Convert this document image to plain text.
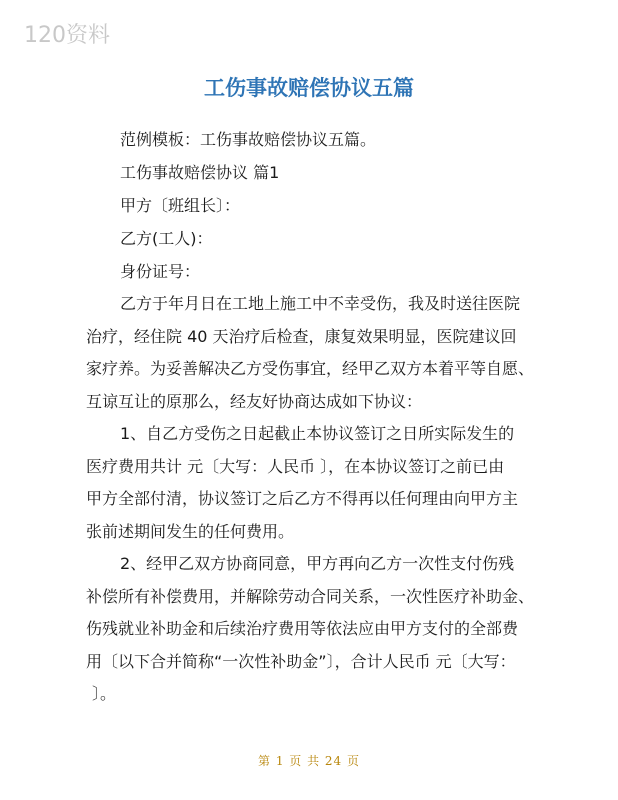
120资料
工伤事故赔偿协议五篇
范例模板：工伤事故赔偿协议五篇。
工伤事故赔偿协议 篇1
甲方〔班组长〕：
乙方(工人)：
身份证号：
乙方于年月日在工地上施工中不幸受伤，我及时送往医院
治疗，经住院 40 天治疗后检查，康复效果明显，医院建议回
家疗养。为妥善解决乙方受伤事宜，经甲乙双方本着平等自愿、
互谅互让的原那么，经友好协商达成如下协议：
1、自乙方受伤之日起截止本协议签订之日所实际发生的
医疗费用共计 元〔大写：人民币 〕，在本协议签订之前已由
甲方全部付清，协议签订之后乙方不得再以任何理由向甲方主
张前述期间发生的任何费用。
2、经甲乙双方协商同意，甲方再向乙方一次性支付伤残
补偿所有补偿费用，并解除劳动合同关系，一次性医疗补助金、
伤残就业补助金和后续治疗费用等依法应由甲方支付的全部费
用〔以下合并简称“一次性补助金”〕，合计人民币 元〔大写：
〕。
第 1 页 共 24 页
